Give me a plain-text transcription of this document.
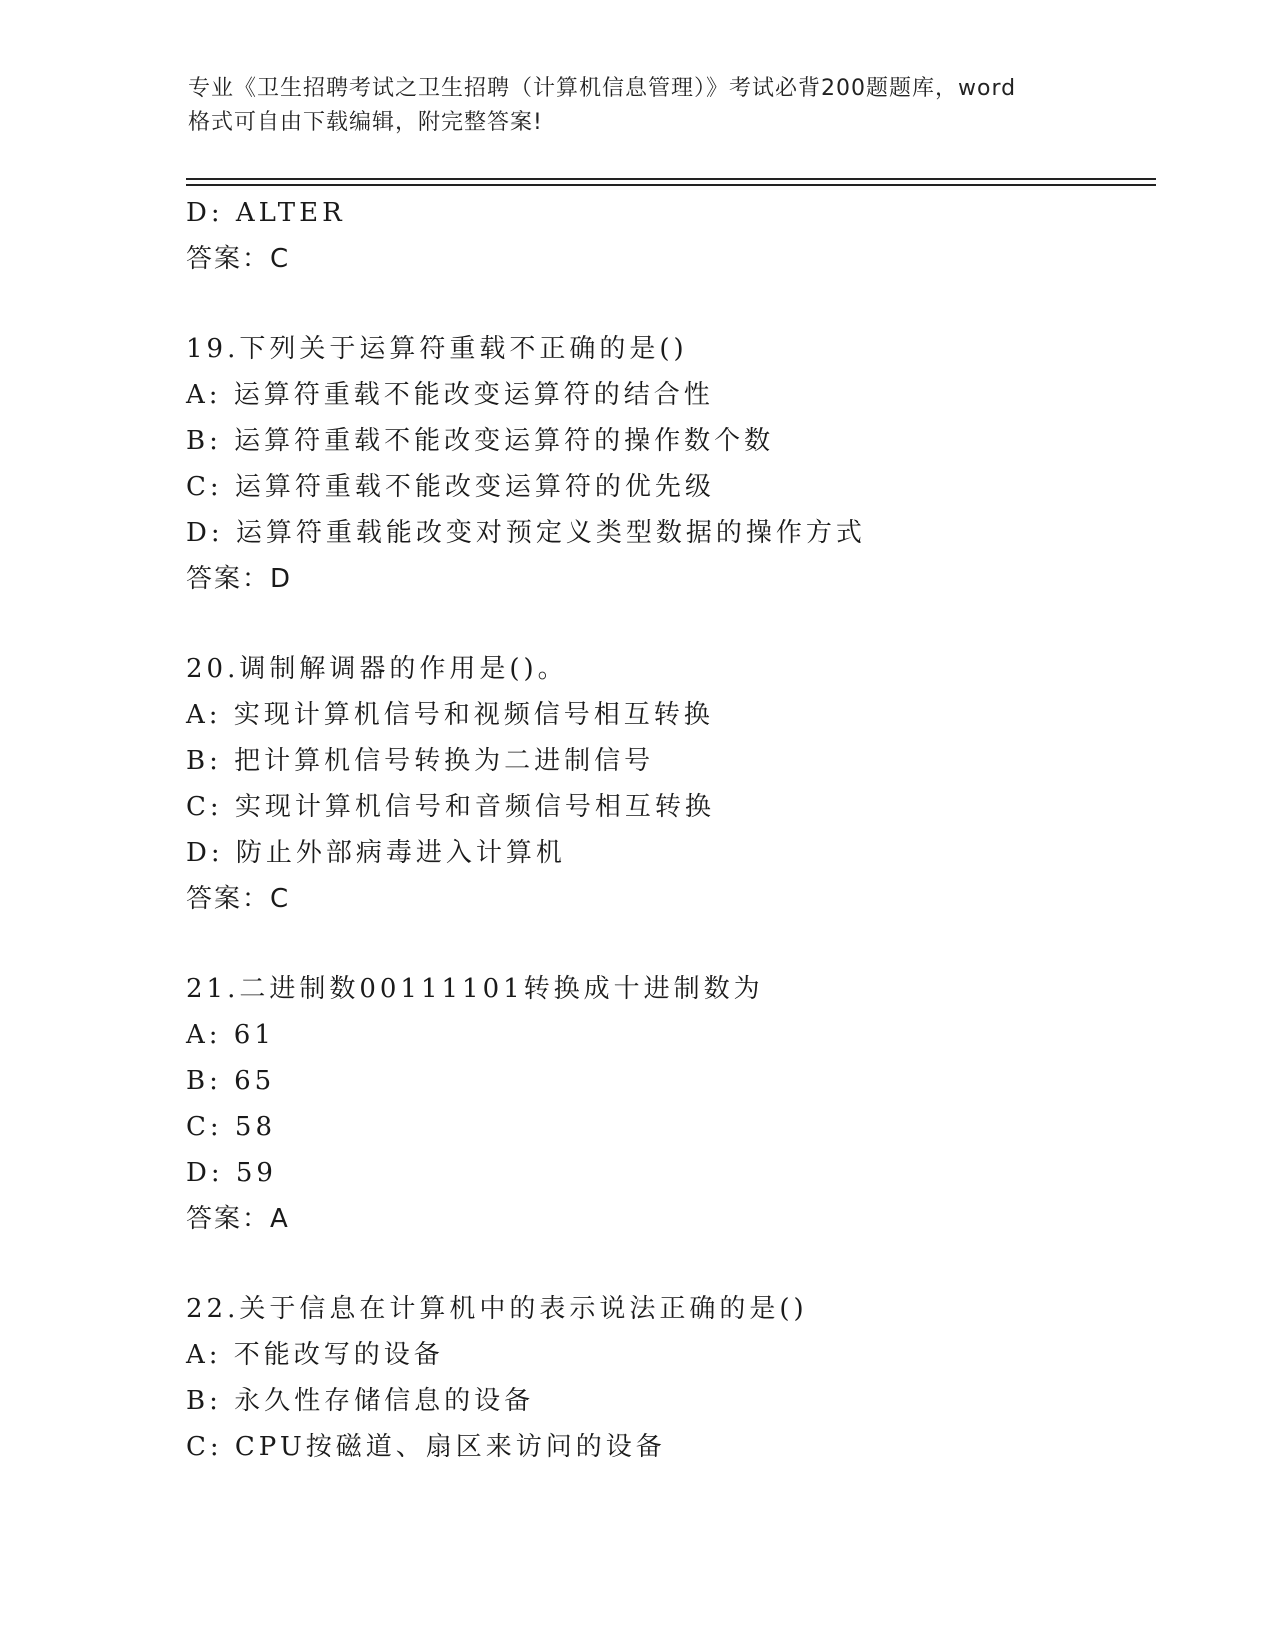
专业《卫生招聘考试之卫生招聘（计算机信息管理）》考试必背200题题库，word
格式可自由下载编辑，附完整答案!
D: ALTER
答案：C
19.下列关于运算符重载不正确的是()
A: 运算符重载不能改变运算符的结合性
B: 运算符重载不能改变运算符的操作数个数
C: 运算符重载不能改变运算符的优先级
D: 运算符重载能改变对预定义类型数据的操作方式
答案：D
20.调制解调器的作用是()。
A: 实现计算机信号和视频信号相互转换
B: 把计算机信号转换为二进制信号
C: 实现计算机信号和音频信号相互转换
D: 防止外部病毒进入计算机
答案：C
21.二进制数00111101转换成十进制数为
A: 61
B: 65
C: 58
D: 59
答案：A
22.关于信息在计算机中的表示说法正确的是()
A: 不能改写的设备
B: 永久性存储信息的设备
C: CPU按磁道、扇区来访问的设备
